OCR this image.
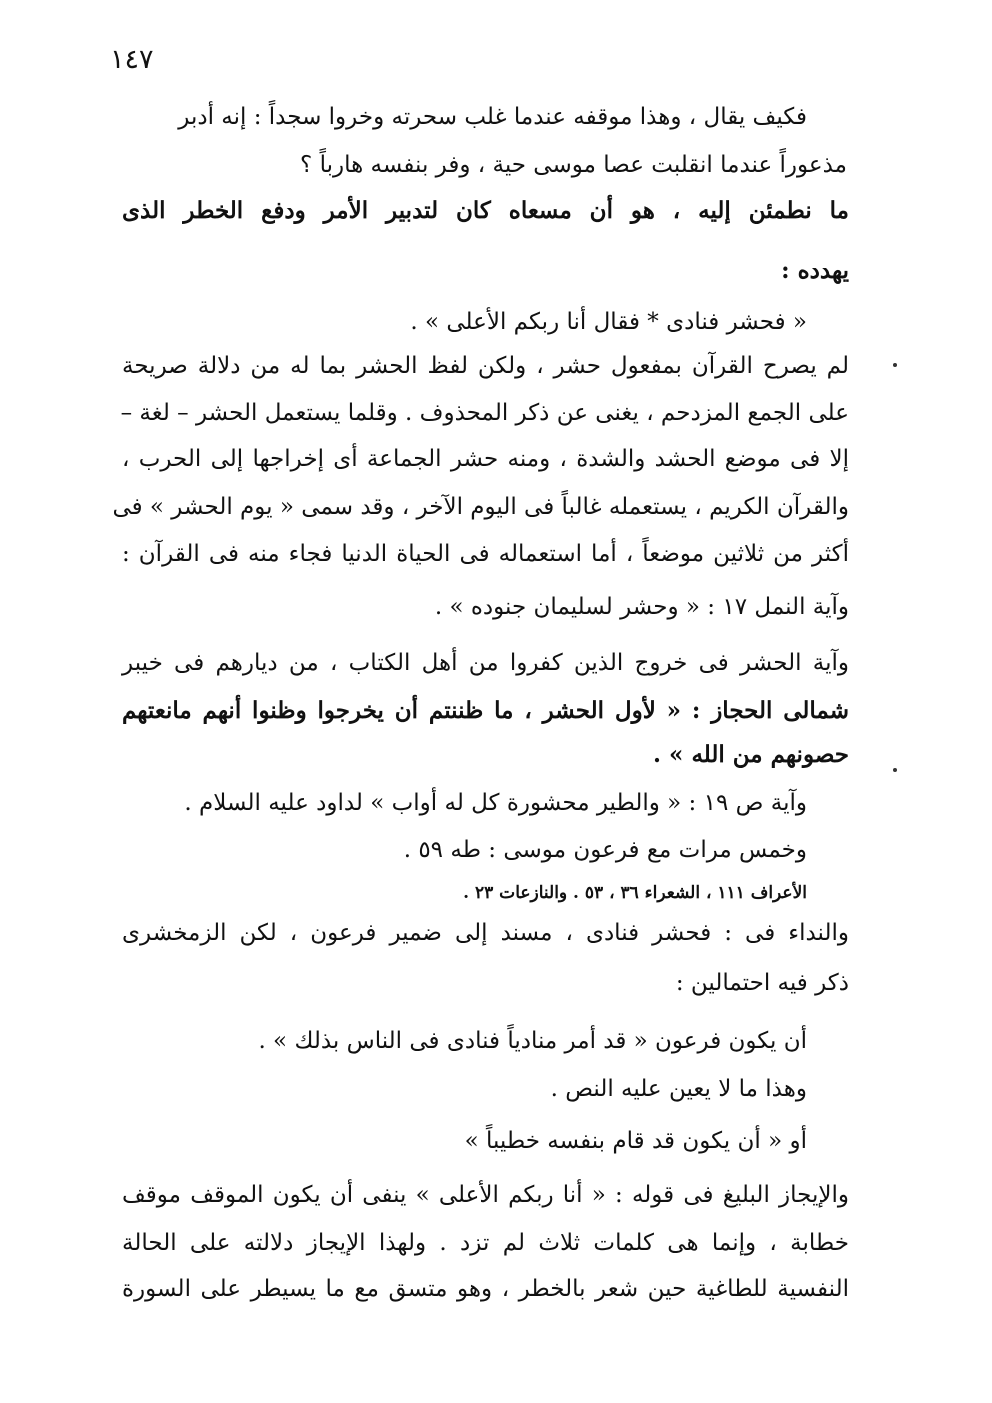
١٤٧
فكيف يقال ، وهذا موقفه عندما غلب سحرته وخروا سجداً : إنه أدبر
مذعوراً عندما انقلبت عصا موسى حية ، وفر بنفسه هارباً ؟
ما نطمئن إليه ، هو أن مسعاه كان لتدبير الأمر ودفع الخطر الذى
يهدده :
« فحشر فنادى * فقال أنا ربكم الأعلى » .
لم يصرح القرآن بمفعول حشر ، ولكن لفظ الحشر بما له من دلالة صريحة
على الجمع المزدحم ، يغنى عن ذكر المحذوف . وقلما يستعمل الحشر – لغة –
إلا فى موضع الحشد والشدة ، ومنه حشر الجماعة أى إخراجها إلى الحرب ،
والقرآن الكريم ، يستعمله غالباً فى اليوم الآخر ، وقد سمى « يوم الحشر » فى
أكثر من ثلاثين موضعاً ، أما استعماله فى الحياة الدنيا فجاء منه فى القرآن :
وآية النمل ١٧ : « وحشر لسليمان جنوده » .
وآية الحشر فى خروج الذين كفروا من أهل الكتاب ، من ديارهم فى خيبر
شمالى الحجاز : « لأول الحشر ، ما ظننتم أن يخرجوا وظنوا أنهم مانعتهم
حصونهم من الله » .
وآية ص ١٩ : « والطير محشورة كل له أواب » لداود عليه السلام .
وخمس مرات مع فرعون موسى : طه ٥٩ .
الأعراف ١١١ ، الشعراء ٣٦ ، ٥٣ . والنازعات ٢٣ .
والنداء فى : فحشر فنادى ، مسند إلى ضمير فرعون ، لكن الزمخشرى
ذكر فيه احتمالين :
أن يكون فرعون « قد أمر منادياً فنادى فى الناس بذلك » .
وهذا ما لا يعين عليه النص .
أو « أن يكون قد قام بنفسه خطيباً »
والإيجاز البليغ فى قوله : « أنا ربكم الأعلى » ينفى أن يكون الموقف موقف
خطابة ، وإنما هى كلمات ثلاث لم تزد . ولهذا الإيجاز دلالته على الحالة
النفسية للطاغية حين شعر بالخطر ، وهو متسق مع ما يسيطر على السورة
